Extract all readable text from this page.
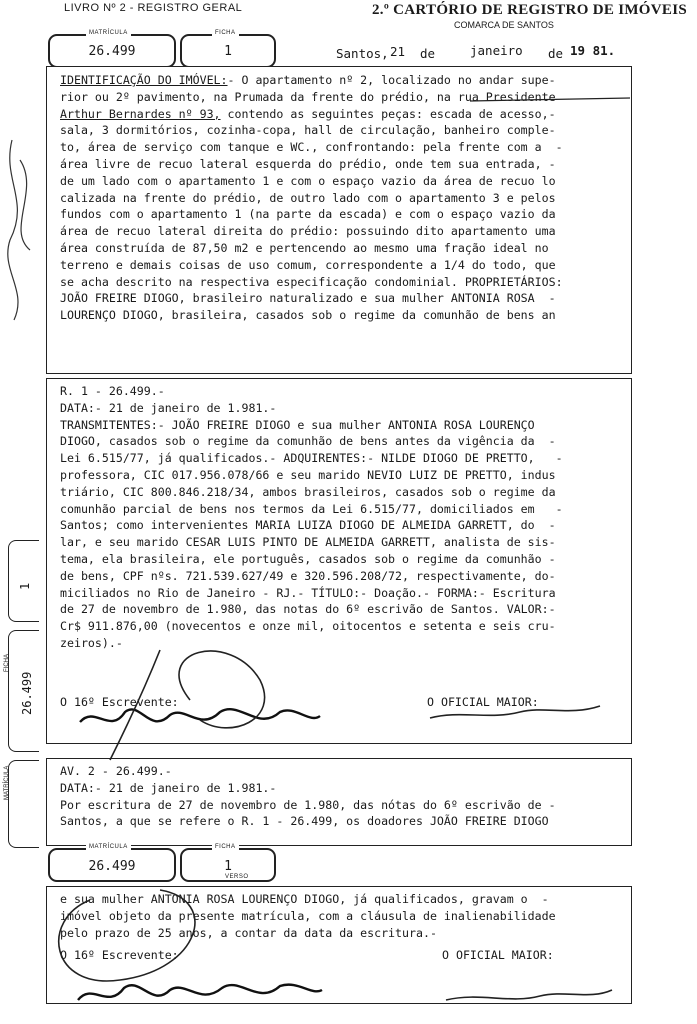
LIVRO Nº 2 - REGISTRO GERAL	2.º CARTÓRIO DE REGISTRO DE IMÓVEIS
COMARCA DE SANTOS
MATRÍCULA
26.499
FICHA
1	Santos, 21 de	janeiro de 19 81.
IDENTIFICAÇÃO DO IMÓVEL:- O apartamento nº 2, localizado no andar supe-
rior ou 2º pavimento, na Prumada da frente do prédio, na rua Presidente
Arthur Bernardes nº 93, contendo as seguintes peças: escada de acesso,-
sala, 3 dormitórios, cozinha-copa, hall de circulação, banheiro comple-
to, área de serviço com tanque e WC., confrontando: pela frente com a  -
área livre de recuo lateral esquerda do prédio, onde tem sua entrada, -
de um lado com o apartamento 1 e com o espaço vazio da área de recuo lo
calizada na frente do prédio, de outro lado com o apartamento 3 e pelos
fundos com o apartamento 1 (na parte da escada) e com o espaço vazio da
área de recuo lateral direita do prédio: possuindo dito apartamento uma
área construída de 87,50 m2 e pertencendo ao mesmo uma fração ideal no
terreno e demais coisas de uso comum, correspondente a 1/4 do todo, que
se acha descrito na respectiva especificação condominial. PROPRIETÁRIOS:
JOÃO FREIRE DIOGO, brasileiro naturalizado e sua mulher ANTONIA ROSA  -
LOURENÇO DIOGO, brasileira, casados sob o regime da comunhão de bens an
R. 1 - 26.499.-
DATA:- 21 de janeiro de 1.981.-
TRANSMITENTES:- JOÃO FREIRE DIOGO e sua mulher ANTONIA ROSA LOURENÇO
DIOGO, casados sob o regime da comunhão de bens antes da vigência da  -
Lei 6.515/77, já qualificados.- ADQUIRENTES:- NILDE DIOGO DE PRETTO,   -
professora, CIC 017.956.078/66 e seu marido NEVIO LUIZ DE PRETTO, indus
triário, CIC 800.846.218/34, ambos brasileiros, casados sob o regime da
comunhão parcial de bens nos termos da Lei 6.515/77, domiciliados em   -
Santos; como intervenientes MARIA LUIZA DIOGO DE ALMEIDA GARRETT, do  -
lar, e seu marido CESAR LUIS PINTO DE ALMEIDA GARRETT, analista de sis-
tema, ela brasileira, ele português, casados sob o regime da comunhão -
de bens, CPF nºs. 721.539.627/49 e 320.596.208/72, respectivamente, do-
miciliados no Rio de Janeiro - RJ.- TÍTULO:- Doação.- FORMA:- Escritura
de 27 de novembro de 1.980, das notas do 6º escrivão de Santos. VALOR:-
Cr$ 911.876,00 (novecentos e onze mil, oitocentos e setenta e seis cru-
zeiros).-
O 16º Escrevente:	O OFICIAL MAIOR:
AV. 2 - 26.499.-
DATA:- 21 de janeiro de 1.981.-
Por escritura de 27 de novembro de 1.980, das nótas do 6º escrivão de -
Santos, a que se refere o R. 1 - 26.499, os doadores JOÃO FREIRE DIOGO
MATRÍCULA
26.499
FICHA
1
VERSO
e sua mulher ANTONIA ROSA LOURENÇO DIOGO, já qualificados, gravam o  -
imóvel objeto da presente matrícula, com a cláusula de inalienabilidade
pelo prazo de 25 anos, a contar da data da escritura.-
O 16º Escrevente:	O OFICIAL MAIOR:
FICHA
1
26.499
MATRÍCULA
